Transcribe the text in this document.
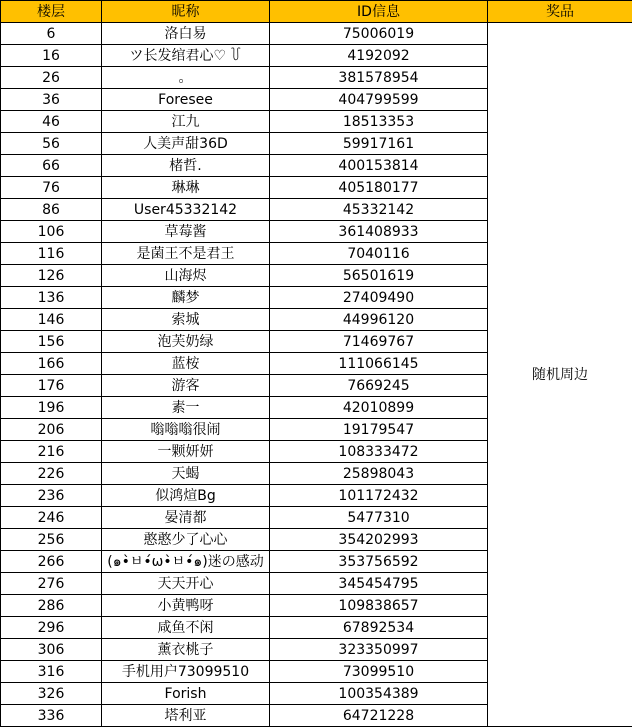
楼层	昵称	ID信息	奖品
6	洛白易	75006019	随机周边
16	ツ长发绾君心♡ ꒦	4192092	
26	。	381578954	
36	Foresee	404799599	
46	江九	18513353	
56	人美声甜36D	59917161	
66	楮哲.	400153814	
76	琳琳	405180177	
86	User45332142	45332142	
106	草莓酱	361408933	
116	是菌王不是君王	7040116	
126	山海烬	56501619	
136	麟梦	27409490	
146	索城	44996120	
156	泡芙奶绿	71469767	
166	蓝桉	111066145	
176	游客	7669245	
196	素一	42010899	
206	嗡嗡嗡很闹	19179547	
216	一颗妍妍	108333472	
226	天蝎	25898043	
236	似鸿煊Bg	101172432	
246	晏清都	5477310	
256	憨憨少了心心	354202993	
266	(๑•̀ㅂ•́ω•̀ㅂ•́๑)迷の感动	353756592	
276	天天开心	345454795	
286	小黄鸭呀	109838657	
296	咸鱼不闲	67892534	
306	薰衣桃子	323350997	
316	手机用户73099510	73099510	
326	Forish	100354389	
336	塔利亚	64721228	
